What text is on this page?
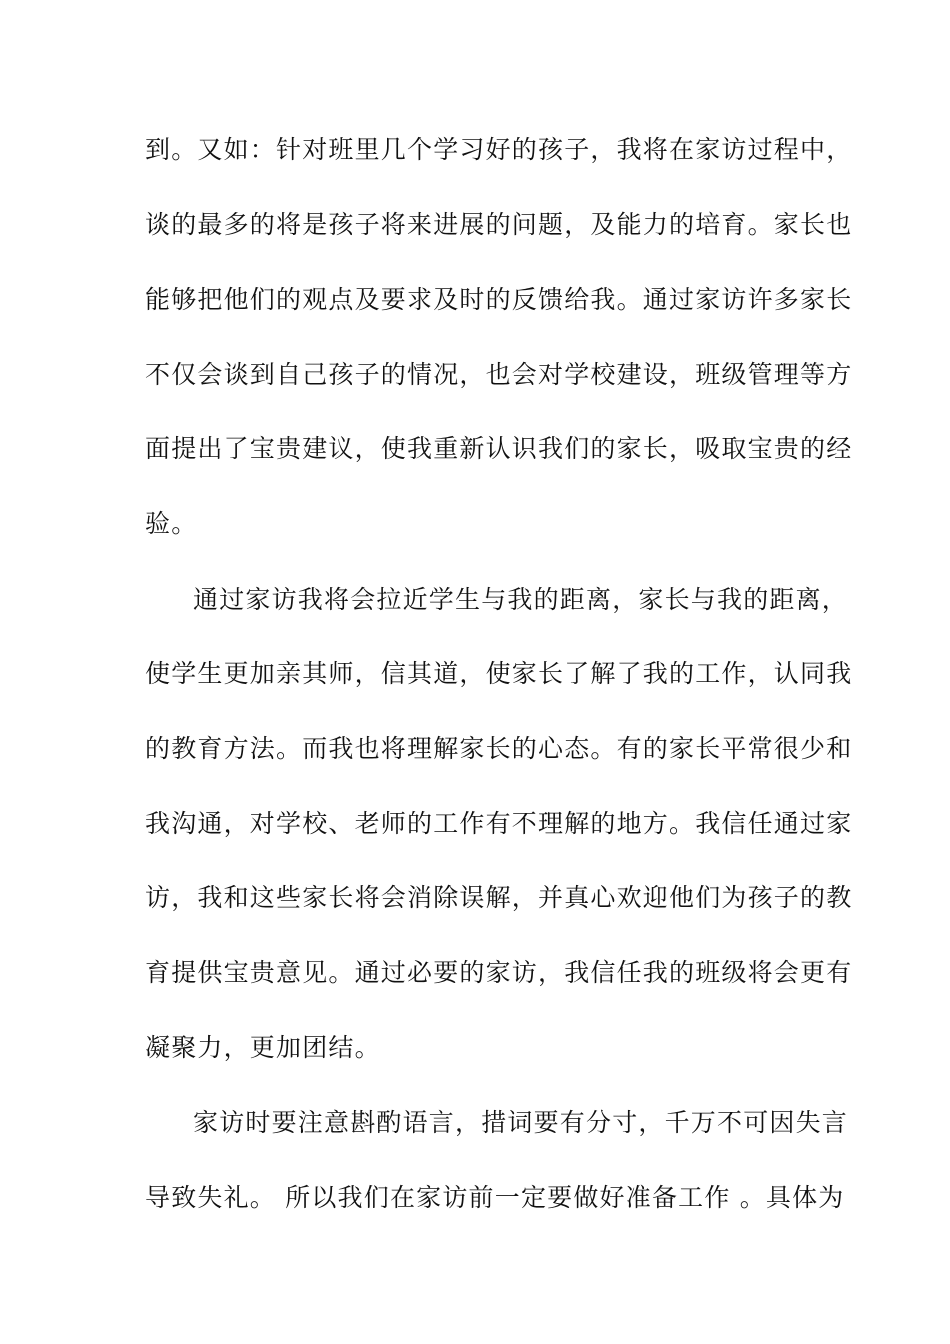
到。又如：针对班里几个学习好的孩子，我将在家访过程中，
谈的最多的将是孩子将来进展的问题，及能力的培育。家长也
能够把他们的观点及要求及时的反馈给我。通过家访许多家长
不仅会谈到自己孩子的情况，也会对学校建设，班级管理等方
面提出了宝贵建议，使我重新认识我们的家长，吸取宝贵的经
验。
通过家访我将会拉近学生与我的距离，家长与我的距离，
使学生更加亲其师，信其道，使家长了解了我的工作，认同我
的教育方法。而我也将理解家长的心态。有的家长平常很少和
我沟通，对学校、老师的工作有不理解的地方。我信任通过家
访，我和这些家长将会消除误解，并真心欢迎他们为孩子的教
育提供宝贵意见。通过必要的家访，我信任我的班级将会更有
凝聚力，更加团结。
家访时要注意斟酌语言，措词要有分寸，千万不可因失言
导致失礼。 所以我们在家访前一定要做好准备工作 。具体为
